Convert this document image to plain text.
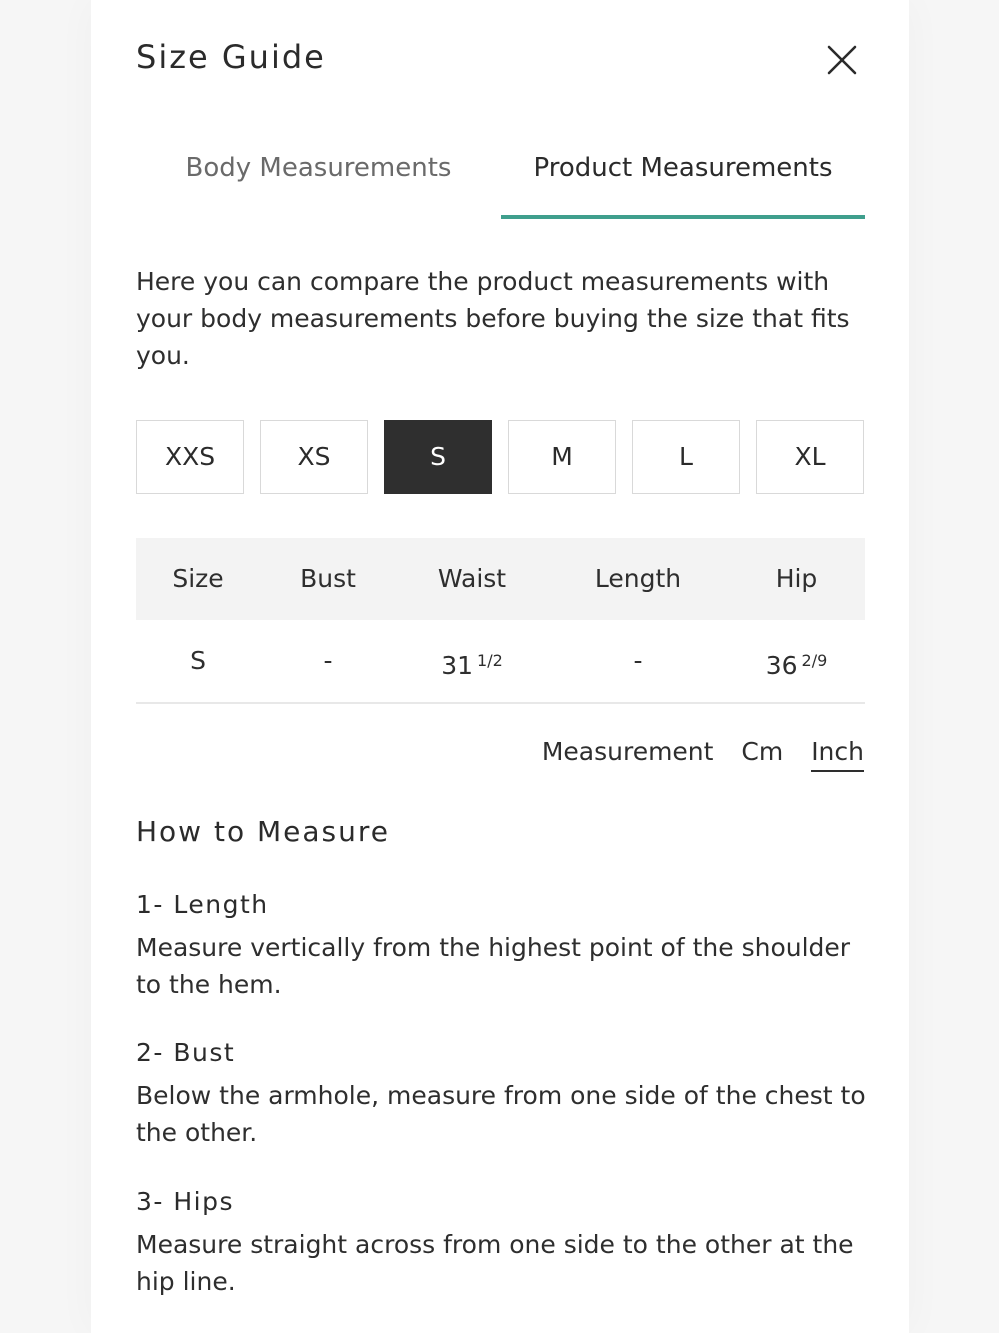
Size Guide
Body Measurements	Product Measurements

Here you can compare the product measurements with your body measurements before buying the size that fits you.

XXS	XS	S	M	L	XL
Size	Bust	Waist	Length	Hip
S	-	31 $^{1/2}$	-	36 $^{2/9}$
Measurement Cm Inch
How to Measure
1- Length

Measure vertically from the highest point of the shoulder to the hem.

2- Bust

Below the armhole, measure from one side of the chest to the other.

3- Hips

Measure straight across from one side to the other at the hip line.
